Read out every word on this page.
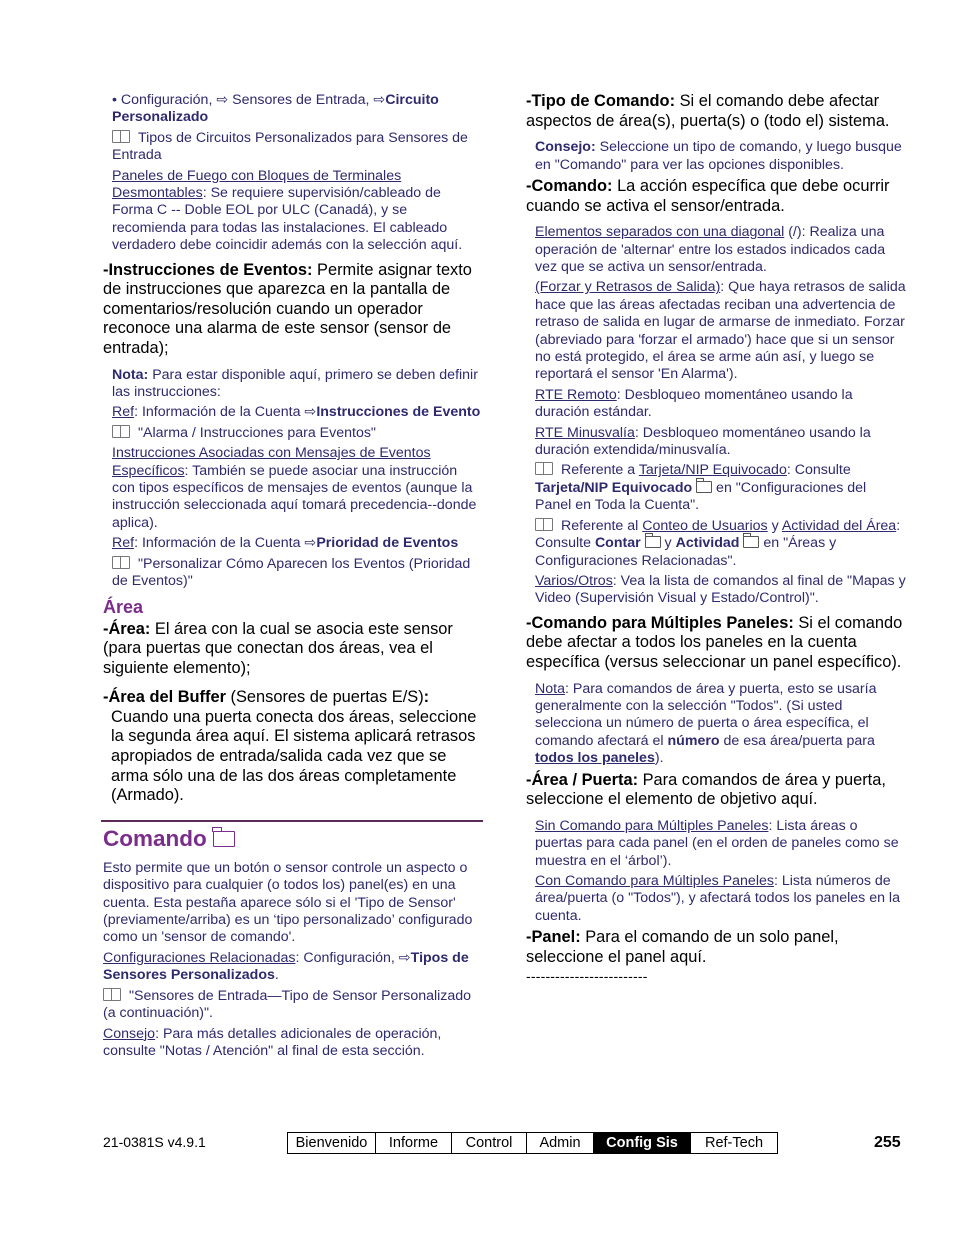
• Configuración, ⇨ Sensores de Entrada, ⇨Circuito Personalizado
Tipos de Circuitos Personalizados para Sensores de Entrada
Paneles de Fuego con Bloques de Terminales Desmontables: Se requiere supervisión/cableado de Forma C -- Doble EOL por ULC (Canadá), y se recomienda para todas las instalaciones. El cableado verdadero debe coincidir además con la selección aquí.
-Instrucciones de Eventos: Permite asignar texto de instrucciones que aparezca en la pantalla de comentarios/resolución cuando un operador reconoce una alarma de este sensor (sensor de entrada);
Nota: Para estar disponible aquí, primero se deben definir las instrucciones:
Ref: Información de la Cuenta ⇨Instrucciones de Evento
"Alarma / Instrucciones para Eventos"
Instrucciones Asociadas con Mensajes de Eventos Específicos: También se puede asociar una instrucción con tipos específicos de mensajes de eventos (aunque la instrucción seleccionada aquí tomará precedencia--donde aplica).
Ref: Información de la Cuenta ⇨Prioridad de Eventos
"Personalizar Cómo Aparecen los Eventos (Prioridad de Eventos)"
Área
-Área: El área con la cual se asocia este sensor (para puertas que conectan dos áreas, vea el siguiente elemento);
-Área del Buffer (Sensores de puertas E/S):
Cuando una puerta conecta dos áreas, seleccione la segunda área aquí. El sistema aplicará retrasos apropiados de entrada/salida cada vez que se arma sólo una de las dos áreas completamente (Armado).
Comando
Esto permite que un botón o sensor controle un aspecto o dispositivo para cualquier (o todos los) panel(es) en una cuenta. Esta pestaña aparece sólo si el 'Tipo de Sensor' (previamente/arriba) es un ‘tipo personalizado’ configurado como un 'sensor de comando'.
Configuraciones Relacionadas: Configuración, ⇨Tipos de Sensores Personalizados.
"Sensores de Entrada—Tipo de Sensor Personalizado (a continuación)".
Consejo: Para más detalles adicionales de operación, consulte "Notas / Atención" al final de esta sección.
-Tipo de Comando: Si el comando debe afectar aspectos de área(s), puerta(s) o (todo el) sistema.
Consejo: Seleccione un tipo de comando, y luego busque en "Comando" para ver las opciones disponibles.
-Comando: La acción específica que debe ocurrir cuando se activa el sensor/entrada.
Elementos separados con una diagonal (/): Realiza una operación de 'alternar' entre los estados indicados cada vez que se activa un sensor/entrada.
(Forzar y Retrasos de Salida): Que haya retrasos de salida hace que las áreas afectadas reciban una advertencia de retraso de salida en lugar de armarse de inmediato. Forzar (abreviado para 'forzar el armado') hace que si un sensor no está protegido, el área se arme aún así, y luego se reportará el sensor 'En Alarma').
RTE Remoto: Desbloqueo momentáneo usando la duración estándar.
RTE Minusvalía: Desbloqueo momentáneo usando la duración extendida/minusvalía.
Referente a Tarjeta/NIP Equivocado: Consulte Tarjeta/NIP Equivocado  en "Configuraciones del Panel en Toda la Cuenta".
Referente al Conteo de Usuarios y Actividad del Área: Consulte Contar  y Actividad  en "Áreas y Configuraciones Relacionadas".
Varios/Otros: Vea la lista de comandos al final de "Mapas y Video (Supervisión Visual y Estado/Control)".
-Comando para Múltiples Paneles: Si el comando debe afectar a todos los paneles en la cuenta específica (versus seleccionar un panel específico).
Nota: Para comandos de área y puerta, esto se usaría generalmente con la selección "Todos". (Si usted selecciona un número de puerta o área específica, el comando afectará el número de esa área/puerta para todos los paneles).
-Área / Puerta: Para comandos de área y puerta, seleccione el elemento de objetivo aquí.
Sin Comando para Múltiples Paneles: Lista áreas o puertas para cada panel (en el orden de paneles como se muestra en el ‘árbol’).
Con Comando para Múltiples Paneles: Lista números de área/puerta (o "Todos"), y afectará todos los paneles en la cuenta.
-Panel: Para el comando de un solo panel, seleccione el panel aquí.
-------------------------
21-0381S v4.9.1	Bienvenido	Informe	Control	Admin	Config Sis	Ref-Tech	255
